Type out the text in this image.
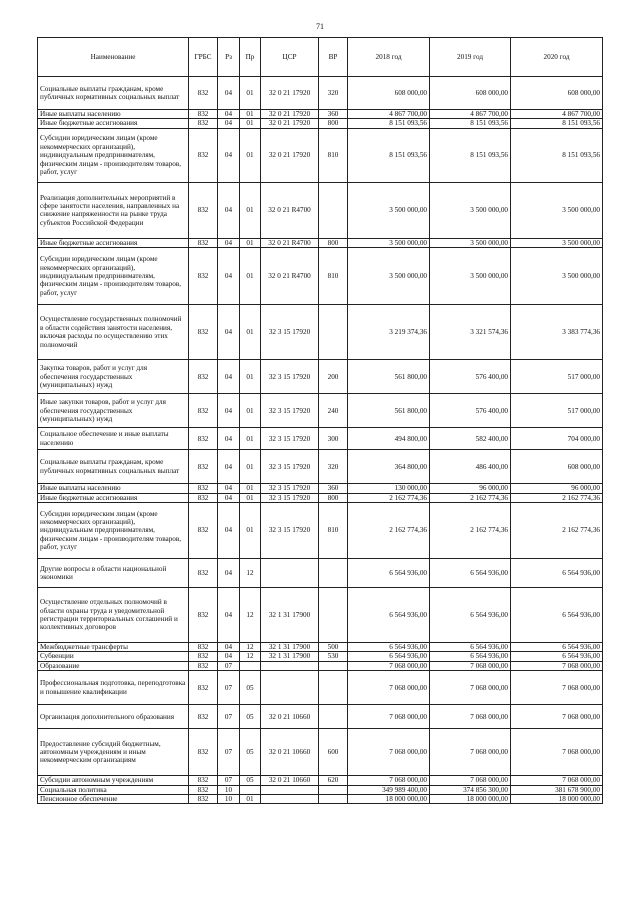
71
Наименование	ГРБС	Рз	Пр	ЦСР	ВР	2018 год	2019 год	2020 год
Социальные выплаты гражданам, кроме публичных нормативных социальных выплат	832	04	01	32 0 21 17920	320	608 000,00	608 000,00	608 000,00
Иные выплаты населению	832	04	01	32 0 21 17920	360	4 867 700,00	4 867 700,00	4 867 700,00
Иные бюджетные ассигнования	832	04	01	32 0 21 17920	800	8 151 093,56	8 151 093,56	8 151 093,56
Субсидии юридическим лицам (кроме некоммерческих организаций), индивидуальным предпринимателям, физическим лицам - производителям товаров, работ, услуг	832	04	01	32 0 21 17920	810	8 151 093,56	8 151 093,56	8 151 093,56
Реализация дополнительных мероприятий в сфере занятости населения, направленных на снижение напряженности на рынке труда субъектов Российской Федерации	832	04	01	32 0 21 R4700		3 500 000,00	3 500 000,00	3 500 000,00
Иные бюджетные ассигнования	832	04	01	32 0 21 R4700	800	3 500 000,00	3 500 000,00	3 500 000,00
Субсидии юридическим лицам (кроме некоммерческих организаций), индивидуальным предпринимателям, физическим лицам - производителям товаров, работ, услуг	832	04	01	32 0 21 R4700	810	3 500 000,00	3 500 000,00	3 500 000,00
Осуществление государственных полномочий в области содействия занятости населения, включая расходы по осуществлению этих полномочий	832	04	01	32 3 15 17920		3 219 374,36	3 321 574,36	3 383 774,36
Закупка товаров, работ и услуг для обеспечения государственных (муниципальных) нужд	832	04	01	32 3 15 17920	200	561 800,00	576 400,00	517 000,00
Иные закупки товаров, работ и услуг для обеспечения государственных (муниципальных) нужд	832	04	01	32 3 15 17920	240	561 800,00	576 400,00	517 000,00
Социальное обеспечение и иные выплаты населению	832	04	01	32 3 15 17920	300	494 800,00	582 400,00	704 000,00
Социальные выплаты гражданам, кроме публичных нормативных социальных выплат	832	04	01	32 3 15 17920	320	364 800,00	486 400,00	608 000,00
Иные выплаты населению	832	04	01	32 3 15 17920	360	130 000,00	96 000,00	96 000,00
Иные бюджетные ассигнования	832	04	01	32 3 15 17920	800	2 162 774,36	2 162 774,36	2 162 774,36
Субсидии юридическим лицам (кроме некоммерческих организаций), индивидуальным предпринимателям, физическим лицам - производителям товаров, работ, услуг	832	04	01	32 3 15 17920	810	2 162 774,36	2 162 774,36	2 162 774,36
Другие вопросы в области национальной экономики	832	04	12			6 564 936,00	6 564 936,00	6 564 936,00
Осуществление отдельных полномочий в области охраны труда и уведомительной регистрации территориальных соглашений и коллективных договоров	832	04	12	32 1 31 17900		6 564 936,00	6 564 936,00	6 564 936,00
Межбюджетные трансферты	832	04	12	32 1 31 17900	500	6 564 936,00	6 564 936,00	6 564 936,00
Субвенции	832	04	12	32 1 31 17900	530	6 564 936,00	6 564 936,00	6 564 936,00
Образование	832	07				7 068 000,00	7 068 000,00	7 068 000,00
Профессиональная подготовка, переподготовка и повышение квалификации	832	07	05			7 068 000,00	7 068 000,00	7 068 000,00
Организация дополнительного образования	832	07	05	32 0 21 10660		7 068 000,00	7 068 000,00	7 068 000,00
Предоставление субсидий бюджетным, автономным учреждениям и иным некоммерческим организациям	832	07	05	32 0 21 10660	600	7 068 000,00	7 068 000,00	7 068 000,00
Субсидии автономным учреждениям	832	07	05	32 0 21 10660	620	7 068 000,00	7 068 000,00	7 068 000,00
Социальная политика	832	10				349 989 400,00	374 856 300,00	381 678 900,00
Пенсионное обеспечение	832	10	01			18 000 000,00	18 000 000,00	18 000 000,00
